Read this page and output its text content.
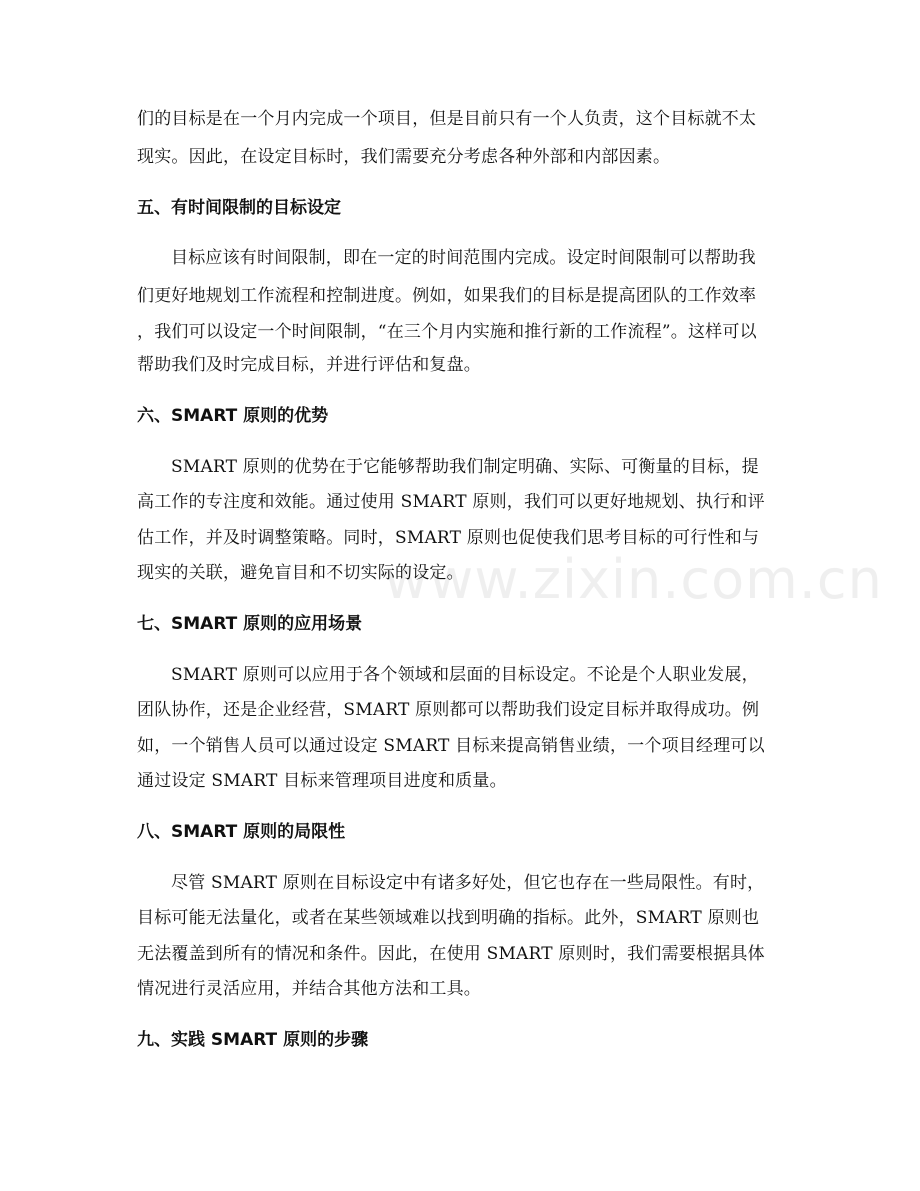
www.zixin.com.cn
们的目标是在一个月内完成一个项目，但是目前只有一个人负责，这个目标就不太
现实。因此，在设定目标时，我们需要充分考虑各种外部和内部因素。
五、有时间限制的目标设定
目标应该有时间限制，即在一定的时间范围内完成。设定时间限制可以帮助我
们更好地规划工作流程和控制进度。例如，如果我们的目标是提高团队的工作效率
，我们可以设定一个时间限制，“在三个月内实施和推行新的工作流程”。这样可以
帮助我们及时完成目标，并进行评估和复盘。
六、SMART 原则的优势
SMART 原则的优势在于它能够帮助我们制定明确、实际、可衡量的目标，提
高工作的专注度和效能。通过使用 SMART 原则，我们可以更好地规划、执行和评
估工作，并及时调整策略。同时，SMART 原则也促使我们思考目标的可行性和与
现实的关联，避免盲目和不切实际的设定。
七、SMART 原则的应用场景
SMART 原则可以应用于各个领域和层面的目标设定。不论是个人职业发展，
团队协作，还是企业经营，SMART 原则都可以帮助我们设定目标并取得成功。例
如，一个销售人员可以通过设定 SMART 目标来提高销售业绩，一个项目经理可以
通过设定 SMART 目标来管理项目进度和质量。
八、SMART 原则的局限性
尽管 SMART 原则在目标设定中有诸多好处，但它也存在一些局限性。有时，
目标可能无法量化，或者在某些领域难以找到明确的指标。此外，SMART 原则也
无法覆盖到所有的情况和条件。因此，在使用 SMART 原则时，我们需要根据具体
情况进行灵活应用，并结合其他方法和工具。
九、实践 SMART 原则的步骤
